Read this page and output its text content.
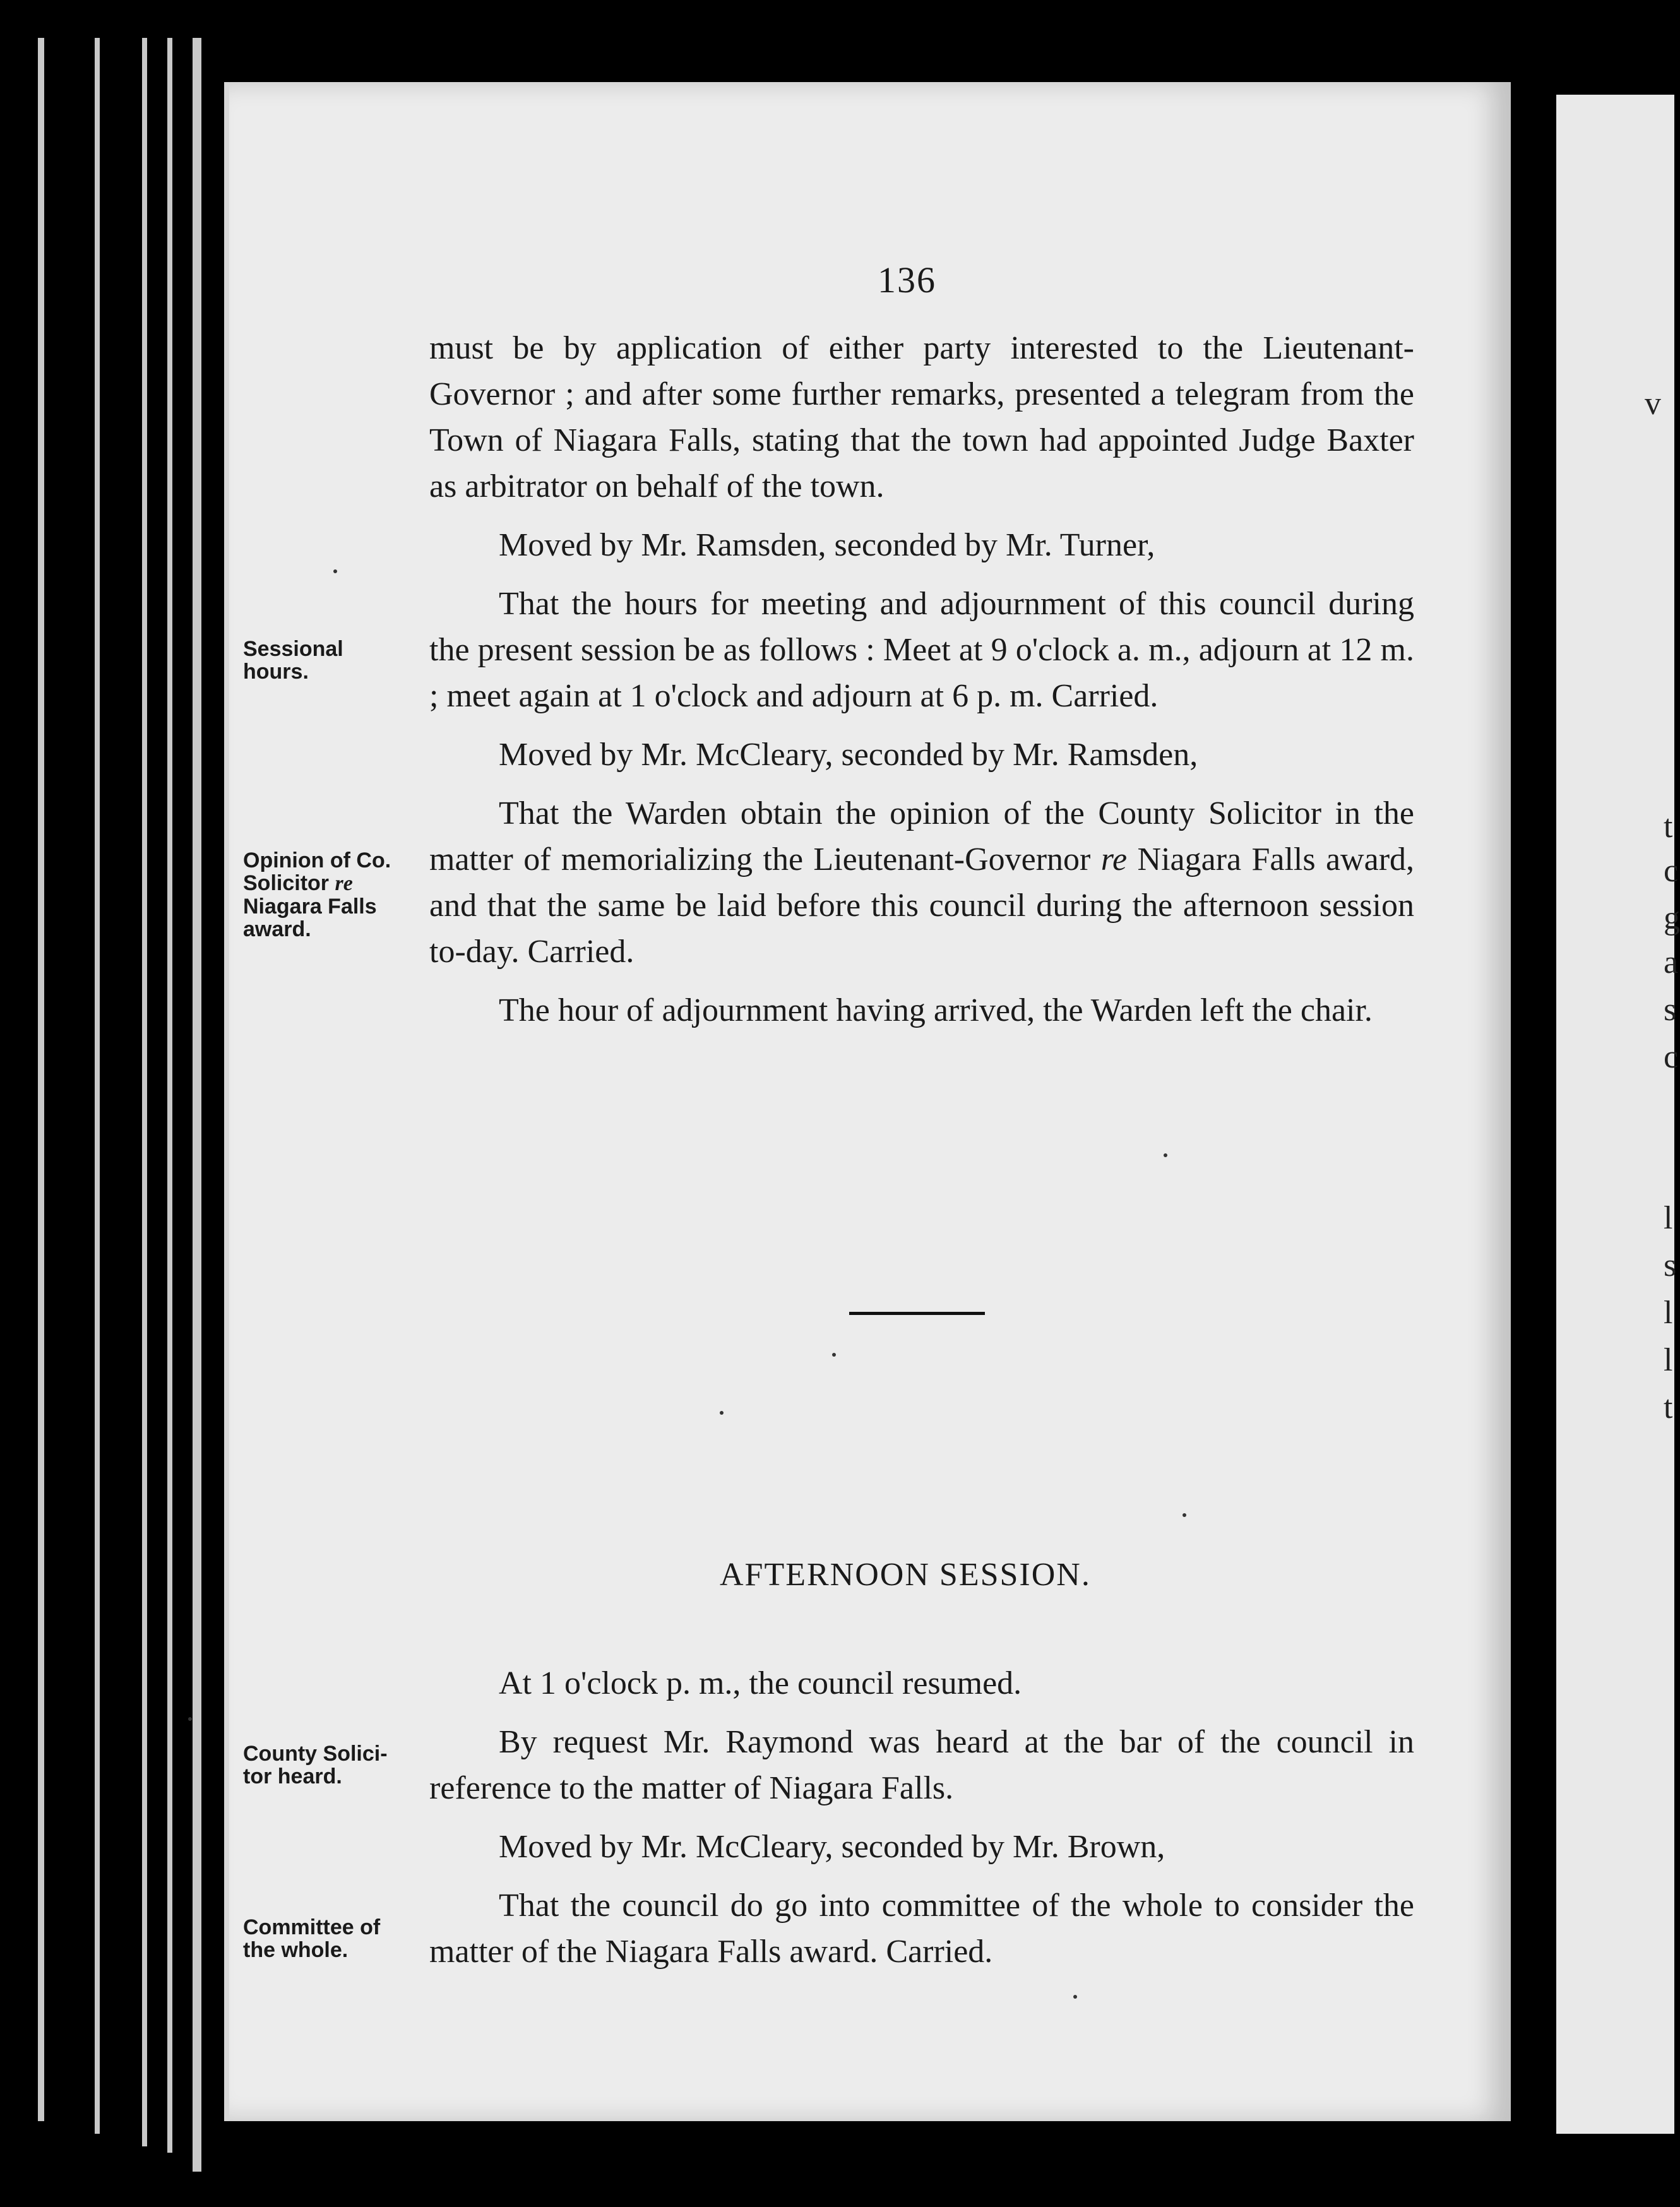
v
t
c
g
a
s
c
l
s
l
l
t
136

must be by application of either party interested to the Lieutenant-Governor ; and after some further remarks, presented a telegram from the Town of Niagara Falls, stating that the town had appointed Judge Baxter as arbitrator on behalf of the town.

Moved by Mr. Ramsden, seconded by Mr. Turner,

That the hours for meeting and adjournment of this council during the present session be as follows : Meet at 9 o'clock a. m., adjourn at 12 m. ; meet again at 1 o'clock and adjourn at 6 p. m. Carried.

Moved by Mr. McCleary, seconded by Mr. Ramsden,

That the Warden obtain the opinion of the County Solicitor in the matter of memorializing the Lieutenant-Governor re Niagara Falls award, and that the same be laid before this council during the afternoon session to-day. Carried.

The hour of adjournment having arrived, the Warden left the chair.

Sessional
hours.
Opinion of Co.
Solicitor re
Niagara Falls
award.
County Solici-
tor heard.
Committee of
the whole.
AFTERNOON SESSION.

At 1 o'clock p. m., the council resumed.

By request Mr. Raymond was heard at the bar of the council in reference to the matter of Niagara Falls.

Moved by Mr. McCleary, seconded by Mr. Brown,

That the council do go into committee of the whole to consider the matter of the Niagara Falls award. Carried.
